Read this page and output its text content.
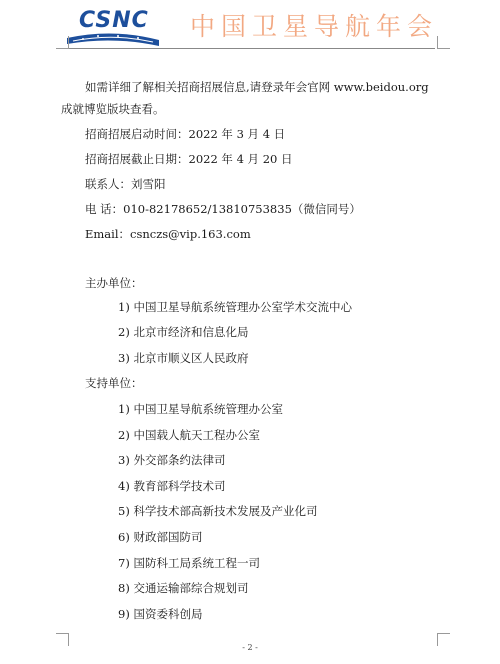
CSNC 中国卫星导航年会
如需详细了解相关招商招展信息,请登录年会官网 www.beidou.org
成就博览版块查看。
招商招展启动时间：2022 年 3 月 4 日
招商招展截止日期：2022 年 4 月 20 日
联系人：刘雪阳
电 话：010-82178652/13810753835（微信同号）
Email：csnczs@vip.163.com
主办单位：
1) 中国卫星导航系统管理办公室学术交流中心
2) 北京市经济和信息化局
3) 北京市顺义区人民政府
支持单位：
1) 中国卫星导航系统管理办公室
2) 中国载人航天工程办公室
3) 外交部条约法律司
4) 教育部科学技术司
5) 科学技术部高新技术发展及产业化司
6) 财政部国防司
7) 国防科工局系统工程一司
8) 交通运输部综合规划司
9) 国资委科创局
- 2 -
